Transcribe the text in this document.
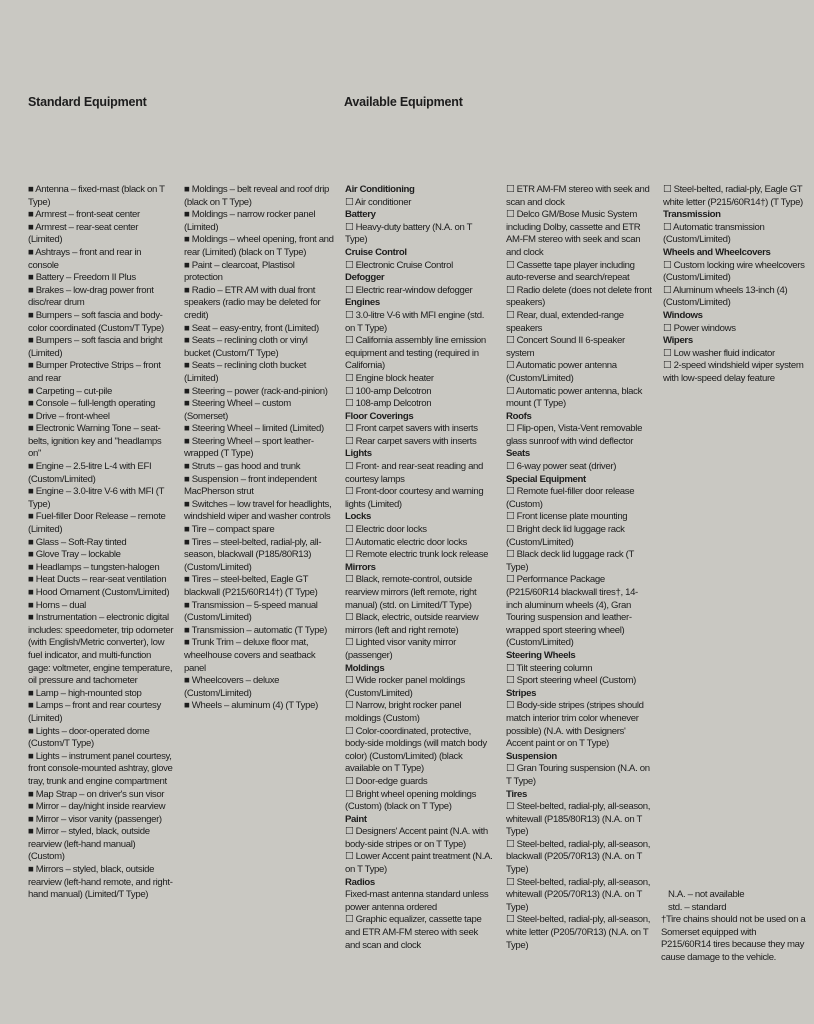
Standard Equipment	Available Equipment

■ Antenna – fixed-mast (black on T Type)

■ Armrest – front-seat center

■ Armrest – rear-seat center (Limited)

■ Ashtrays – front and rear in console

■ Battery – Freedom II Plus

■ Brakes – low-drag power front disc/rear drum

■ Bumpers – soft fascia and body-color coordinated (Custom/T Type)

■ Bumpers – soft fascia and bright (Limited)

■ Bumper Protective Strips – front and rear

■ Carpeting – cut-pile

■ Console – full-length operating

■ Drive – front-wheel

■ Electronic Warning Tone – seat-belts, ignition key and "headlamps on"

■ Engine – 2.5-litre L-4 with EFI (Custom/Limited)

■ Engine – 3.0-litre V-6 with MFI (T Type)

■ Fuel-filler Door Release – remote (Limited)

■ Glass – Soft-Ray tinted

■ Glove Tray – lockable

■ Headlamps – tungsten-halogen

■ Heat Ducts – rear-seat ventilation

■ Hood Ornament (Custom/Limited)

■ Horns – dual

■ Instrumentation – electronic digital includes: speedometer, trip odometer (with English/Metric converter), low fuel indicator, and multi-function gage: voltmeter, engine temperature, oil pressure and tachometer

■ Lamp – high-mounted stop

■ Lamps – front and rear courtesy (Limited)

■ Lights – door-operated dome (Custom/T Type)

■ Lights – instrument panel courtesy, front console-mounted ashtray, glove tray, trunk and engine compartment

■ Map Strap – on driver's sun visor

■ Mirror – day/night inside rearview

■ Mirror – visor vanity (passenger)

■ Mirror – styled, black, outside rearview (left-hand manual) (Custom)

■ Mirrors – styled, black, outside rearview (left-hand remote, and right-hand manual) (Limited/T Type)

■ Moldings – belt reveal and roof drip (black on T Type)

■ Moldings – narrow rocker panel (Limited)

■ Moldings – wheel opening, front and rear (Limited) (black on T Type)

■ Paint – clearcoat, Plastisol protection

■ Radio – ETR AM with dual front speakers (radio may be deleted for credit)

■ Seat – easy-entry, front (Limited)

■ Seats – reclining cloth or vinyl bucket (Custom/T Type)

■ Seats – reclining cloth bucket (Limited)

■ Steering – power (rack-and-pinion)

■ Steering Wheel – custom (Somerset)

■ Steering Wheel – limited (Limited)

■ Steering Wheel – sport leather-wrapped (T Type)

■ Struts – gas hood and trunk

■ Suspension – front independent MacPherson strut

■ Switches – low travel for headlights, windshield wiper and washer controls

■ Tire – compact spare

■ Tires – steel-belted, radial-ply, all-season, blackwall (P185/80R13) (Custom/Limited)

■ Tires – steel-belted, Eagle GT blackwall (P215/60R14†) (T Type)

■ Transmission – 5-speed manual (Custom/Limited)

■ Transmission – automatic (T Type)

■ Trunk Trim – deluxe floor mat, wheelhouse covers and seatback panel

■ Wheelcovers – deluxe (Custom/Limited)

■ Wheels – aluminum (4) (T Type)

Air Conditioning

☐ Air conditioner

Battery

☐ Heavy-duty battery (N.A. on T Type)

Cruise Control

☐ Electronic Cruise Control

Defogger

☐ Electric rear-window defogger

Engines

☐ 3.0-litre V-6 with MFI engine (std. on T Type)

☐ California assembly line emission equipment and testing (required in California)

☐ Engine block heater

☐ 100-amp Delcotron

☐ 108-amp Delcotron

Floor Coverings

☐ Front carpet savers with inserts

☐ Rear carpet savers with inserts

Lights

☐ Front- and rear-seat reading and courtesy lamps

☐ Front-door courtesy and warning lights (Limited)

Locks

☐ Electric door locks

☐ Automatic electric door locks

☐ Remote electric trunk lock release

Mirrors

☐ Black, remote-control, outside rearview mirrors (left remote, right manual) (std. on Limited/T Type)

☐ Black, electric, outside rearview mirrors (left and right remote)

☐ Lighted visor vanity mirror (passenger)

Moldings

☐ Wide rocker panel moldings (Custom/Limited)

☐ Narrow, bright rocker panel moldings (Custom)

☐ Color-coordinated, protective, body-side moldings (will match body color) (Custom/Limited) (black available on T Type)

☐ Door-edge guards

☐ Bright wheel opening moldings (Custom) (black on T Type)

Paint

☐ Designers' Accent paint (N.A. with body-side stripes or on T Type)

☐ Lower Accent paint treatment (N.A. on T Type)

Radios

Fixed-mast antenna standard unless power antenna ordered

☐ Graphic equalizer, cassette tape and ETR AM-FM stereo with seek and scan and clock

☐ ETR AM-FM stereo with seek and scan and clock

☐ Delco GM/Bose Music System including Dolby, cassette and ETR AM-FM stereo with seek and scan and clock

☐ Cassette tape player including auto-reverse and search/repeat

☐ Radio delete (does not delete front speakers)

☐ Rear, dual, extended-range speakers

☐ Concert Sound II 6-speaker system

☐ Automatic power antenna (Custom/Limited)

☐ Automatic power antenna, black mount (T Type)

Roofs

☐ Flip-open, Vista-Vent removable glass sunroof with wind deflector

Seats

☐ 6-way power seat (driver)

Special Equipment

☐ Remote fuel-filler door release (Custom)

☐ Front license plate mounting

☐ Bright deck lid luggage rack (Custom/Limited)

☐ Black deck lid luggage rack (T Type)

☐ Performance Package (P215/60R14 blackwall tires†, 14-inch aluminum wheels (4), Gran Touring suspension and leather-wrapped sport steering wheel) (Custom/Limited)

Steering Wheels

☐ Tilt steering column

☐ Sport steering wheel (Custom)

Stripes

☐ Body-side stripes (stripes should match interior trim color whenever possible) (N.A. with Designers' Accent paint or on T Type)

Suspension

☐ Gran Touring suspension (N.A. on T Type)

Tires

☐ Steel-belted, radial-ply, all-season, whitewall (P185/80R13) (N.A. on T Type)

☐ Steel-belted, radial-ply, all-season, blackwall (P205/70R13) (N.A. on T Type)

☐ Steel-belted, radial-ply, all-season, whitewall (P205/70R13) (N.A. on T Type)

☐ Steel-belted, radial-ply, all-season, white letter (P205/70R13) (N.A. on T Type)

☐ Steel-belted, radial-ply, Eagle GT white letter (P215/60R14†) (T Type)

Transmission

☐ Automatic transmission (Custom/Limited)

Wheels and Wheelcovers

☐ Custom locking wire wheelcovers (Custom/Limited)

☐ Aluminum wheels 13-inch (4) (Custom/Limited)

Windows

☐ Power windows

Wipers

☐ Low washer fluid indicator

☐ 2-speed windshield wiper system with low-speed delay feature

N.A. – not available

std. – standard

†Tire chains should not be used on a Somerset equipped with P215/60R14 tires because they may cause damage to the vehicle.
